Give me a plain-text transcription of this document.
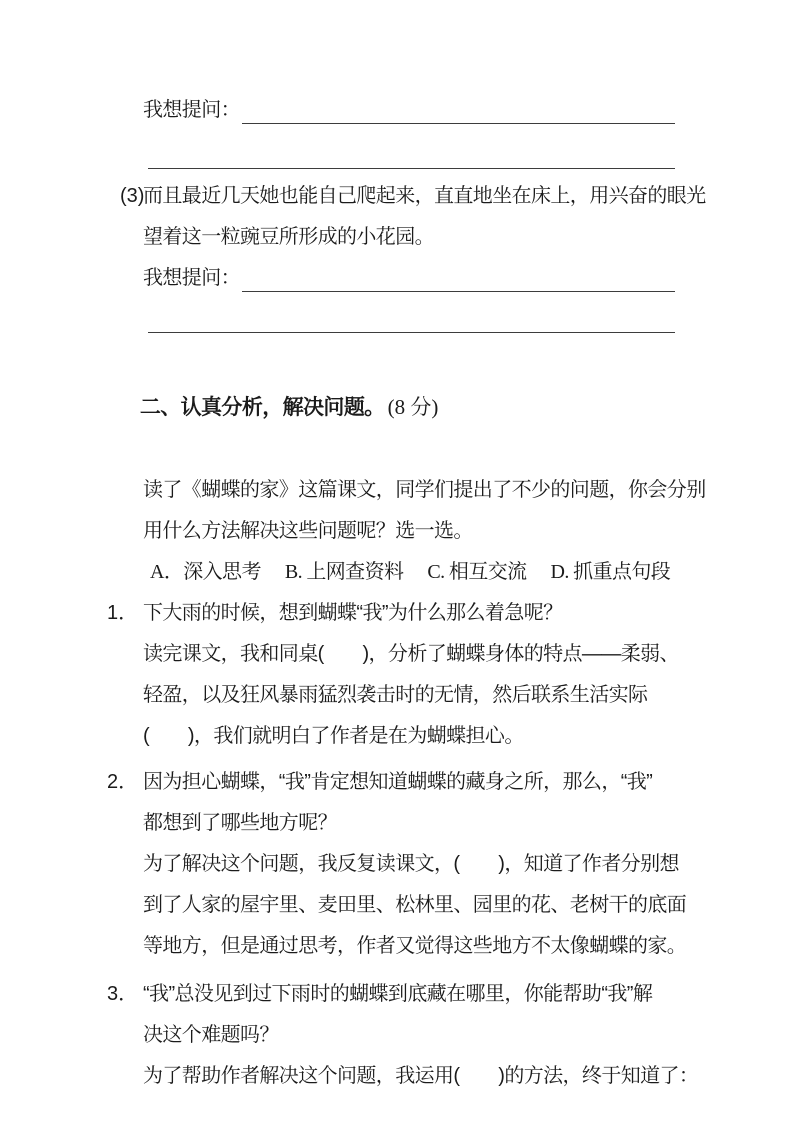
我想提问：
(3)而且最近几天她也能自己爬起来，直直地坐在床上，用兴奋的眼光
望着这一粒豌豆所形成的小花园。
我想提问：

二、认真分析，解决问题。 (8 分)

读了《蝴蝶的家》这篇课文，同学们提出了不少的问题，你会分别
用什么方法解决这些问题呢？选一选。
A．深入思考 B. 上网查资料 C. 相互交流 D. 抓重点句段
1． 下大雨的时候，想到蝴蝶“我”为什么那么着急呢？
读完课文，我和同桌(　　)，分析了蝴蝶身体的特点——柔弱、
轻盈，以及狂风暴雨猛烈袭击时的无情，然后联系生活实际
(　　)，我们就明白了作者是在为蝴蝶担心。
2． 因为担心蝴蝶，“我”肯定想知道蝴蝶的藏身之所，那么，“我”
都想到了哪些地方呢？
为了解决这个问题，我反复读课文，(　　)，知道了作者分别想
到了人家的屋宇里、麦田里、松林里、园里的花、老树干的底面
等地方，但是通过思考，作者又觉得这些地方不太像蝴蝶的家。
3． “我”总没见到过下雨时的蝴蝶到底藏在哪里，你能帮助“我”解
决这个难题吗？
为了帮助作者解决这个问题，我运用(　　)的方法，终于知道了：
